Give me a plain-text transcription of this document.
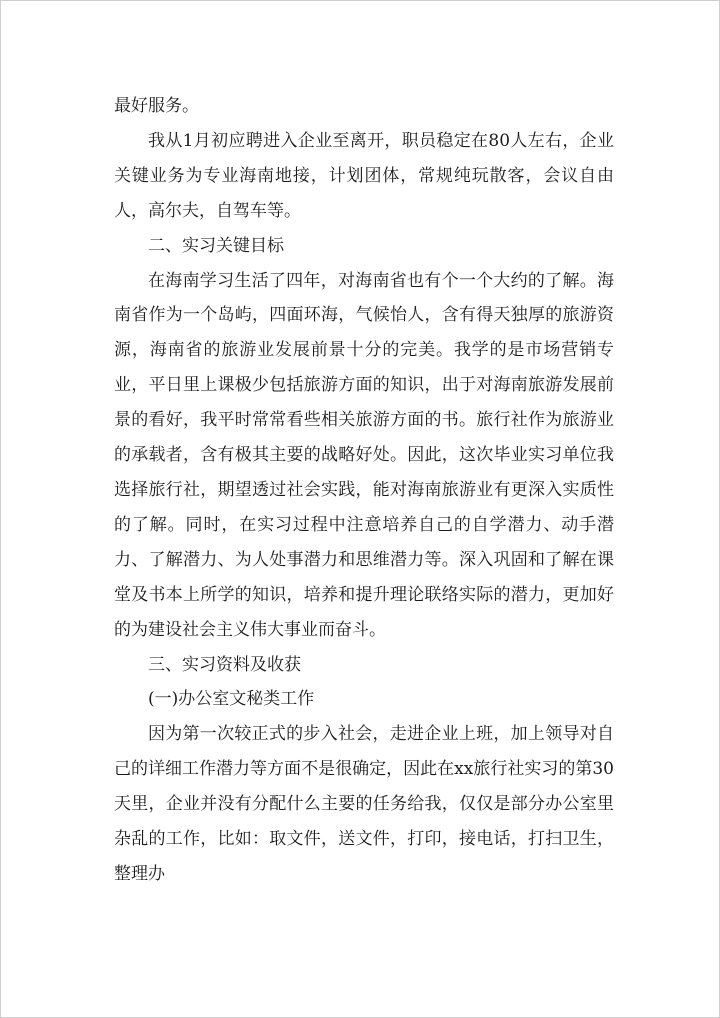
最好服务。

我从1月初应聘进入企业至离开，职员稳定在80人左右，企业关键业务为专业海南地接，计划团体，常规纯玩散客，会议自由人，高尔夫，自驾车等。

二、实习关键目标

在海南学习生活了四年，对海南省也有个一个大约的了解。海南省作为一个岛屿，四面环海，气候怡人，含有得天独厚的旅游资源，海南省的旅游业发展前景十分的完美。我学的是市场营销专业，平日里上课极少包括旅游方面的知识，出于对海南旅游发展前景的看好，我平时常常看些相关旅游方面的书。旅行社作为旅游业的承载者，含有极其主要的战略好处。因此，这次毕业实习单位我选择旅行社，期望透过社会实践，能对海南旅游业有更深入实质性的了解。同时，在实习过程中注意培养自己的自学潜力、动手潜力、了解潜力、为人处事潜力和思维潜力等。深入巩固和了解在课堂及书本上所学的知识，培养和提升理论联络实际的潜力，更加好的为建设社会主义伟大事业而奋斗。

三、实习资料及收获

(一)办公室文秘类工作

因为第一次较正式的步入社会，走进企业上班，加上领导对自己的详细工作潜力等方面不是很确定，因此在xx旅行社实习的第30天里，企业并没有分配什么主要的任务给我，仅仅是部分办公室里杂乱的工作，比如：取文件，送文件，打印，接电话，打扫卫生，整理办
